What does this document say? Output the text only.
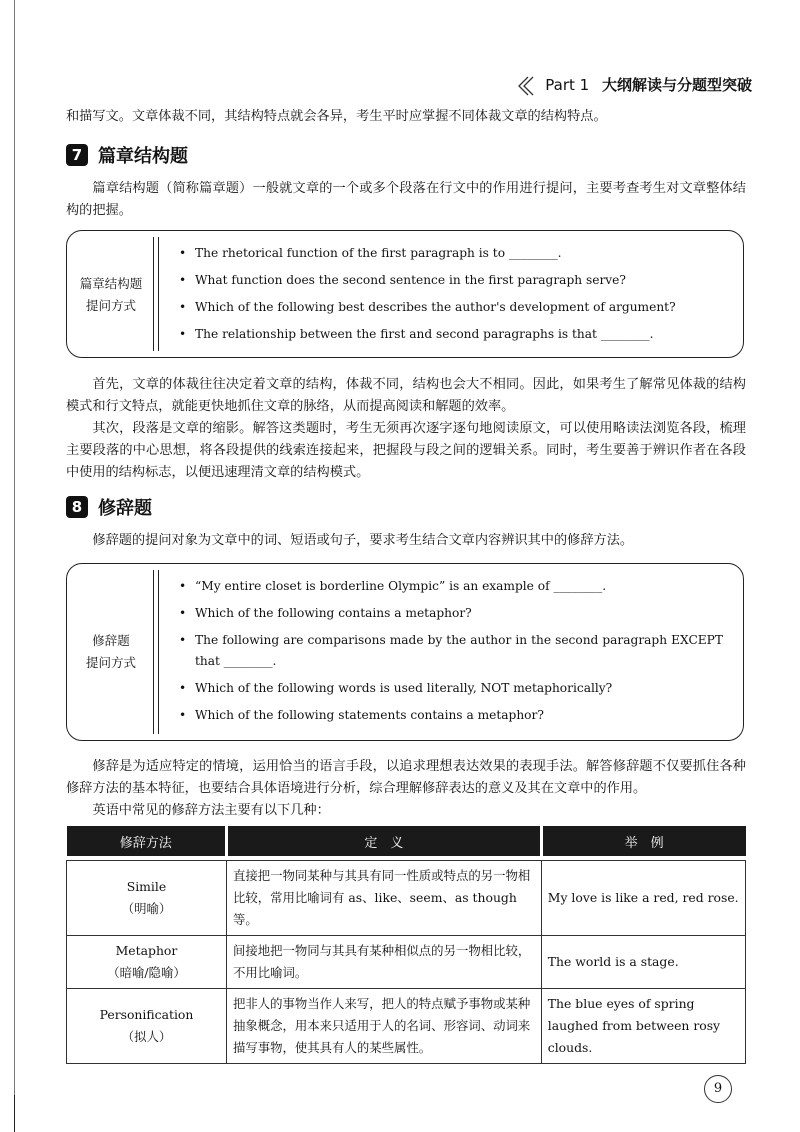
Part 1 大纲解读与分题型突破
和描写文。文章体裁不同，其结构特点就会各异，考生平时应掌握不同体裁文章的结构特点。
7 篇章结构题
篇章结构题（简称篇章题）一般就文章的一个或多个段落在行文中的作用进行提问，主要考查考生对文章整体结构的把握。
篇章结构题
提问方式
• The rhetorical function of the first paragraph is to ________.
• What function does the second sentence in the first paragraph serve?
• Which of the following best describes the author's development of argument?
• The relationship between the first and second paragraphs is that ________.
首先，文章的体裁往往决定着文章的结构，体裁不同，结构也会大不相同。因此，如果考生了解常见体裁的结构模式和行文特点，就能更快地抓住文章的脉络，从而提高阅读和解题的效率。
其次，段落是文章的缩影。解答这类题时，考生无须再次逐字逐句地阅读原文，可以使用略读法浏览各段，梳理主要段落的中心思想，将各段提供的线索连接起来，把握段与段之间的逻辑关系。同时，考生要善于辨识作者在各段中使用的结构标志，以便迅速理清文章的结构模式。
8 修辞题
修辞题的提问对象为文章中的词、短语或句子，要求考生结合文章内容辨识其中的修辞方法。
修辞题
提问方式
• “My entire closet is borderline Olympic” is an example of ________.
• Which of the following contains a metaphor?
• The following are comparisons made by the author in the second paragraph EXCEPT that ________.
• Which of the following words is used literally, NOT metaphorically?
• Which of the following statements contains a metaphor?
修辞是为适应特定的情境，运用恰当的语言手段，以追求理想表达效果的表现手法。解答修辞题不仅要抓住各种修辞方法的基本特征，也要结合具体语境进行分析，综合理解修辞表达的意义及其在文章中的作用。
英语中常见的修辞方法主要有以下几种：
修辞方法	定　义	举　例

Simile
（明喻）	直接把一物同某种与其具有同一性质或特点的另一物相比较，常用比喻词有 as、like、seem、as though 等。	My love is like a red, red rose.

Metaphor
（暗喻/隐喻）	间接地把一物同与其具有某种相似点的另一物相比较，不用比喻词。	The world is a stage.

Personification
（拟人）	把非人的事物当作人来写，把人的特点赋予事物或某种抽象概念，用本来只适用于人的名词、形容词、动词来描写事物，使其具有人的某些属性。	The blue eyes of spring laughed from between rosy clouds.
9
